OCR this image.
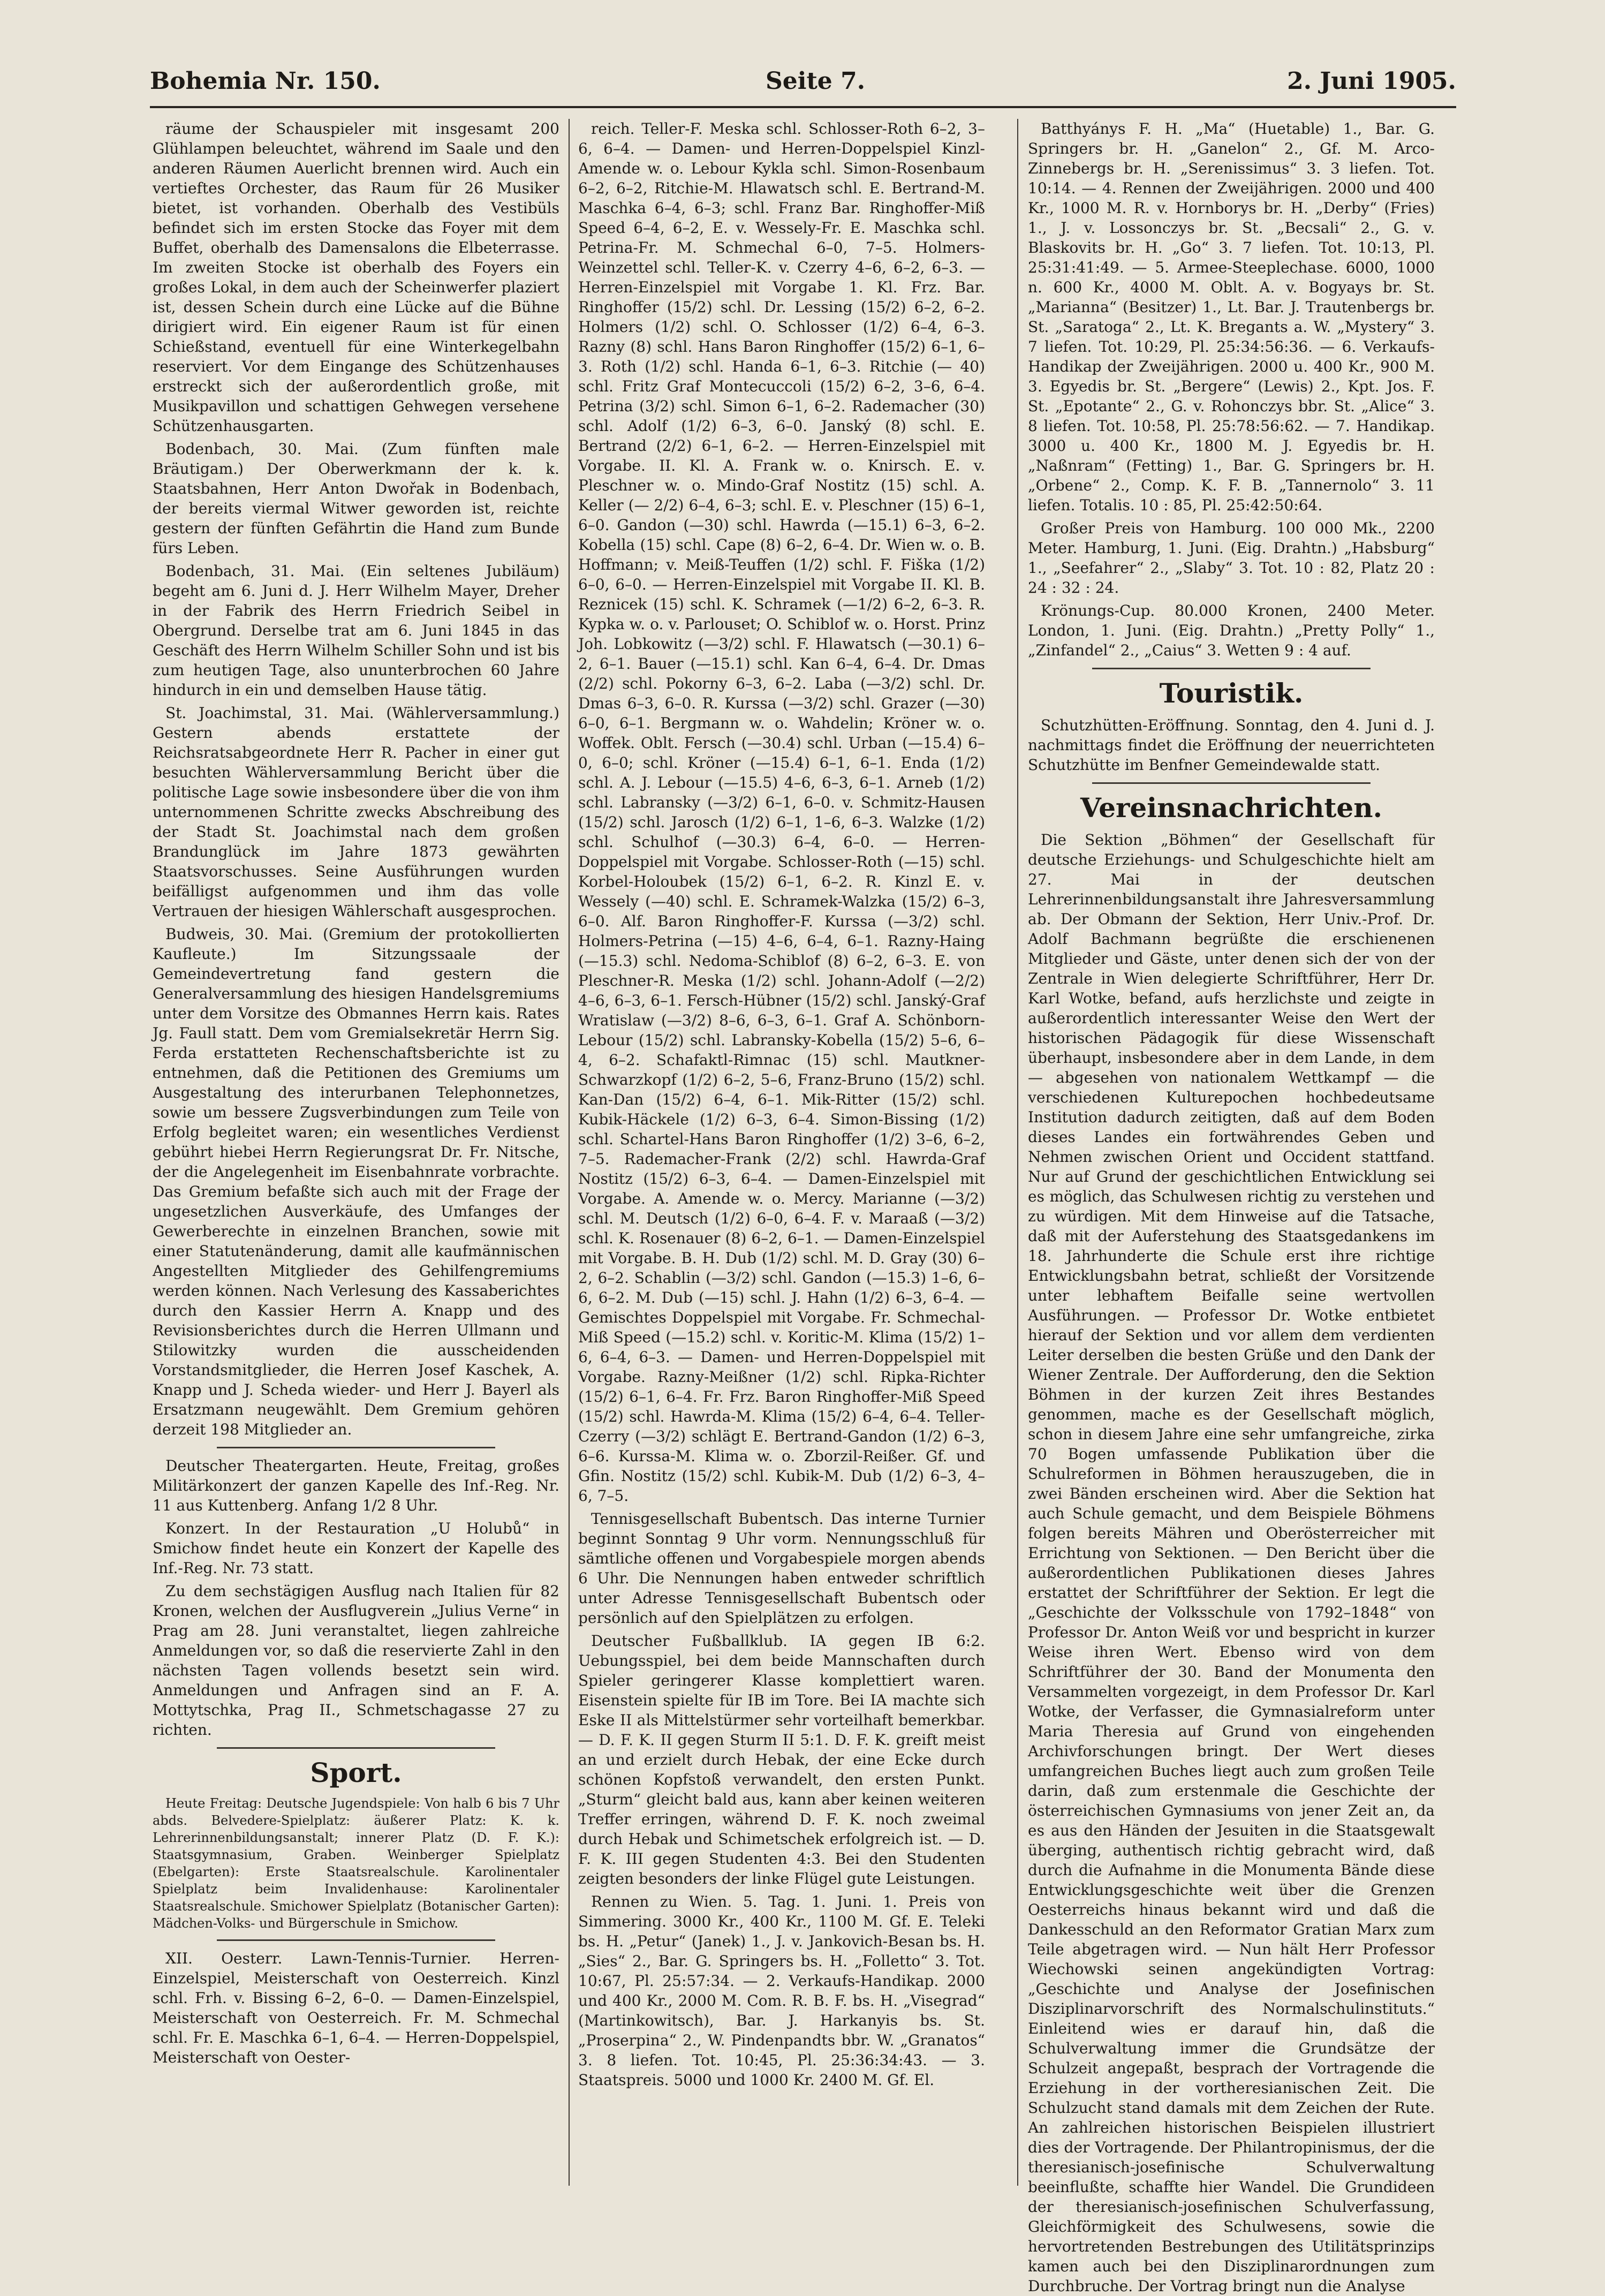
Bohemia Nr. 150.	Seite 7.	2. Juni 1905.

räume der Schauspieler mit insgesamt 200 Glühlampen beleuchtet, während im Saale und den anderen Räumen Auerlicht brennen wird. Auch ein vertieftes Orchester, das Raum für 26 Musiker bietet, ist vorhanden. Oberhalb des Vestibüls befindet sich im ersten Stocke das Foyer mit dem Buffet, oberhalb des Damensalons die Elbeterrasse. Im zweiten Stocke ist oberhalb des Foyers ein großes Lokal, in dem auch der Scheinwerfer plaziert ist, dessen Schein durch eine Lücke auf die Bühne dirigiert wird. Ein eigener Raum ist für einen Schießstand, eventuell für eine Winterkegelbahn reserviert. Vor dem Eingange des Schützenhauses erstreckt sich der außerordentlich große, mit Musikpavillon und schattigen Gehwegen versehene Schützenhausgarten.

Bodenbach, 30. Mai. (Zum fünften male Bräutigam.) Der Oberwerkmann der k. k. Staatsbahnen, Herr Anton Dwořak in Bodenbach, der bereits viermal Witwer geworden ist, reichte gestern der fünften Gefährtin die Hand zum Bunde fürs Leben.

Bodenbach, 31. Mai. (Ein seltenes Jubiläum) begeht am 6. Juni d. J. Herr Wilhelm Mayer, Dreher in der Fabrik des Herrn Friedrich Seibel in Obergrund. Derselbe trat am 6. Juni 1845 in das Geschäft des Herrn Wilhelm Schiller Sohn und ist bis zum heutigen Tage, also ununterbrochen 60 Jahre hindurch in ein und demselben Hause tätig.

St. Joachimstal, 31. Mai. (Wählerversammlung.) Gestern abends erstattete der Reichsratsabgeordnete Herr R. Pacher in einer gut besuchten Wählerversammlung Bericht über die politische Lage sowie insbesondere über die von ihm unternommenen Schritte zwecks Abschreibung des der Stadt St. Joachimstal nach dem großen Brandunglück im Jahre 1873 gewährten Staatsvorschusses. Seine Ausführungen wurden beifälligst aufgenommen und ihm das volle Vertrauen der hiesigen Wählerschaft ausgesprochen.

Budweis, 30. Mai. (Gremium der protokollierten Kaufleute.) Im Sitzungssaale der Gemeindevertretung fand gestern die Generalversammlung des hiesigen Handelsgremiums unter dem Vorsitze des Obmannes Herrn kais. Rates Jg. Faull statt. Dem vom Gremialsekretär Herrn Sig. Ferda erstatteten Rechenschaftsberichte ist zu entnehmen, daß die Petitionen des Gremiums um Ausgestaltung des interurbanen Telephonnetzes, sowie um bessere Zugsverbindungen zum Teile von Erfolg begleitet waren; ein wesentliches Verdienst gebührt hiebei Herrn Regierungsrat Dr. Fr. Nitsche, der die Angelegenheit im Eisenbahnrate vorbrachte. Das Gremium befaßte sich auch mit der Frage der ungesetzlichen Ausverkäufe, des Umfanges der Gewerberechte in einzelnen Branchen, sowie mit einer Statutenänderung, damit alle kaufmännischen Angestellten Mitglieder des Gehilfengremiums werden können. Nach Verlesung des Kassaberichtes durch den Kassier Herrn A. Knapp und des Revisionsberichtes durch die Herren Ullmann und Stilowitzky wurden die ausscheidenden Vorstandsmitglieder, die Herren Josef Kaschek, A. Knapp und J. Scheda wieder- und Herr J. Bayerl als Ersatzmann neugewählt. Dem Gremium gehören derzeit 198 Mitglieder an.

Deutscher Theatergarten. Heute, Freitag, großes Militärkonzert der ganzen Kapelle des Inf.-Reg. Nr. 11 aus Kuttenberg. Anfang 1/2 8 Uhr.

Konzert. In der Restauration „U Holubů“ in Smichow findet heute ein Konzert der Kapelle des Inf.-Reg. Nr. 73 statt.

Zu dem sechstägigen Ausflug nach Italien für 82 Kronen, welchen der Ausflugverein „Julius Verne“ in Prag am 28. Juni veranstaltet, liegen zahlreiche Anmeldungen vor, so daß die reservierte Zahl in den nächsten Tagen vollends besetzt sein wird. Anmeldungen und Anfragen sind an F. A. Mottytschka, Prag II., Schmetschagasse 27 zu richten.

Sport.

Heute Freitag: Deutsche Jugendspiele: Von halb 6 bis 7 Uhr abds. Belvedere-Spielplatz: äußerer Platz: K. k. Lehrerinnenbildungsanstalt; innerer Platz (D. F. K.): Staatsgymnasium, Graben. Weinberger Spielplatz (Ebelgarten): Erste Staatsrealschule. Karolinentaler Spielplatz beim Invalidenhause: Karolinentaler Staatsrealschule. Smichower Spielplatz (Botanischer Garten): Mädchen-Volks- und Bürgerschule in Smichow.

XII. Oesterr. Lawn-Tennis-Turnier. Herren-Einzelspiel, Meisterschaft von Oesterreich. Kinzl schl. Frh. v. Bissing 6–2, 6–0. — Damen-Einzelspiel, Meisterschaft von Oesterreich. Fr. M. Schmechal schl. Fr. E. Maschka 6–1, 6–4. — Herren-Doppelspiel, Meisterschaft von Oester-

reich. Teller-F. Meska schl. Schlosser-Roth 6–2, 3–6, 6–4. — Damen- und Herren-Doppelspiel Kinzl-Amende w. o. Lebour Kykla schl. Simon-Rosenbaum 6–2, 6–2, Ritchie-M. Hlawatsch schl. E. Bertrand-M. Maschka 6–4, 6–3; schl. Franz Bar. Ringhoffer-Miß Speed 6–4, 6–2, E. v. Wessely-Fr. E. Maschka schl. Petrina-Fr. M. Schmechal 6–0, 7–5. Holmers-Weinzettel schl. Teller-K. v. Czerry 4–6, 6–2, 6–3. — Herren-Einzelspiel mit Vorgabe 1. Kl. Frz. Bar. Ringhoffer (15/2) schl. Dr. Lessing (15/2) 6–2, 6–2. Holmers (1/2) schl. O. Schlosser (1/2) 6–4, 6–3. Razny (8) schl. Hans Baron Ringhoffer (15/2) 6–1, 6–3. Roth (1/2) schl. Handa 6–1, 6–3. Ritchie (— 40) schl. Fritz Graf Montecuccoli (15/2) 6–2, 3–6, 6–4. Petrina (3/2) schl. Simon 6–1, 6–2. Rademacher (30) schl. Adolf (1/2) 6–3, 6–0. Janský (8) schl. E. Bertrand (2/2) 6–1, 6–2. — Herren-Einzelspiel mit Vorgabe. II. Kl. A. Frank w. o. Knirsch. E. v. Pleschner w. o. Mindo-Graf Nostitz (15) schl. A. Keller (— 2/2) 6–4, 6–3; schl. E. v. Pleschner (15) 6–1, 6–0. Gandon (—30) schl. Hawrda (—15.1) 6–3, 6–2. Kobella (15) schl. Cape (8) 6–2, 6–4. Dr. Wien w. o. B. Hoffmann; v. Meiß-Teuffen (1/2) schl. F. Fiška (1/2) 6–0, 6–0. — Herren-Einzelspiel mit Vorgabe II. Kl. B. Reznicek (15) schl. K. Schramek (—1/2) 6–2, 6–3. R. Kypka w. o. v. Parlouset; O. Schiblof w. o. Horst. Prinz Joh. Lobkowitz (—3/2) schl. F. Hlawatsch (—30.1) 6–2, 6–1. Bauer (—15.1) schl. Kan 6–4, 6–4. Dr. Dmas (2/2) schl. Pokorny 6–3, 6–2. Laba (—3/2) schl. Dr. Dmas 6–3, 6–0. R. Kurssa (—3/2) schl. Grazer (—30) 6–0, 6–1. Bergmann w. o. Wahdelin; Kröner w. o. Woffek. Oblt. Fersch (—30.4) schl. Urban (—15.4) 6–0, 6–0; schl. Kröner (—15.4) 6–1, 6–1. Enda (1/2) schl. A. J. Lebour (—15.5) 4–6, 6–3, 6–1. Arneb (1/2) schl. Labransky (—3/2) 6–1, 6–0. v. Schmitz-Hausen (15/2) schl. Jarosch (1/2) 6–1, 1–6, 6–3. Walzke (1/2) schl. Schulhof (—30.3) 6–4, 6–0. — Herren-Doppelspiel mit Vorgabe. Schlosser-Roth (—15) schl. Korbel-Holoubek (15/2) 6–1, 6–2. R. Kinzl E. v. Wessely (—40) schl. E. Schramek-Walzka (15/2) 6–3, 6–0. Alf. Baron Ringhoffer-F. Kurssa (—3/2) schl. Holmers-Petrina (—15) 4–6, 6–4, 6–1. Razny-Haing (—15.3) schl. Nedoma-Schiblof (8) 6–2, 6–3. E. von Pleschner-R. Meska (1/2) schl. Johann-Adolf (—2/2) 4–6, 6–3, 6–1. Fersch-Hübner (15/2) schl. Janský-Graf Wratislaw (—3/2) 8–6, 6–3, 6–1. Graf A. Schönborn-Lebour (15/2) schl. Labransky-Kobella (15/2) 5–6, 6–4, 6–2. Schafaktl-Rimnac (15) schl. Mautkner-Schwarzkopf (1/2) 6–2, 5–6, Franz-Bruno (15/2) schl. Kan-Dan (15/2) 6–4, 6–1. Mik-Ritter (15/2) schl. Kubik-Häckele (1/2) 6–3, 6–4. Simon-Bissing (1/2) schl. Schartel-Hans Baron Ringhoffer (1/2) 3–6, 6–2, 7–5. Rademacher-Frank (2/2) schl. Hawrda-Graf Nostitz (15/2) 6–3, 6–4. — Damen-Einzelspiel mit Vorgabe. A. Amende w. o. Mercy. Marianne (—3/2) schl. M. Deutsch (1/2) 6–0, 6–4. F. v. Maraaß (—3/2) schl. K. Rosenauer (8) 6–2, 6–1. — Damen-Einzelspiel mit Vorgabe. B. H. Dub (1/2) schl. M. D. Gray (30) 6–2, 6–2. Schablin (—3/2) schl. Gandon (—15.3) 1–6, 6–6, 6–2. M. Dub (—15) schl. J. Hahn (1/2) 6–3, 6–4. — Gemischtes Doppelspiel mit Vorgabe. Fr. Schmechal-Miß Speed (—15.2) schl. v. Koritic-M. Klima (15/2) 1–6, 6–4, 6–3. — Damen- und Herren-Doppelspiel mit Vorgabe. Razny-Meißner (1/2) schl. Ripka-Richter (15/2) 6–1, 6–4. Fr. Frz. Baron Ringhoffer-Miß Speed (15/2) schl. Hawrda-M. Klima (15/2) 6–4, 6–4. Teller-Czerry (—3/2) schlägt E. Bertrand-Gandon (1/2) 6–3, 6–6. Kurssa-M. Klima w. o. Zborzil-Reißer. Gf. und Gfin. Nostitz (15/2) schl. Kubik-M. Dub (1/2) 6–3, 4–6, 7–5.

Tennisgesellschaft Bubentsch. Das interne Turnier beginnt Sonntag 9 Uhr vorm. Nennungsschluß für sämtliche offenen und Vorgabespiele morgen abends 6 Uhr. Die Nennungen haben entweder schriftlich unter Adresse Tennisgesellschaft Bubentsch oder persönlich auf den Spielplätzen zu erfolgen.

Deutscher Fußballklub. IA gegen IB 6:2. Uebungsspiel, bei dem beide Mannschaften durch Spieler geringerer Klasse komplettiert waren. Eisenstein spielte für IB im Tore. Bei IA machte sich Eske II als Mittelstürmer sehr vorteilhaft bemerkbar. — D. F. K. II gegen Sturm II 5:1. D. F. K. greift meist an und erzielt durch Hebak, der eine Ecke durch schönen Kopfstoß verwandelt, den ersten Punkt. „Sturm“ gleicht bald aus, kann aber keinen weiteren Treffer erringen, während D. F. K. noch zweimal durch Hebak und Schimetschek erfolgreich ist. — D. F. K. III gegen Studenten 4:3. Bei den Studenten zeigten besonders der linke Flügel gute Leistungen.

Rennen zu Wien. 5. Tag. 1. Juni. 1. Preis von Simmering. 3000 Kr., 400 Kr., 1100 M. Gf. E. Teleki bs. H. „Petur“ (Janek) 1., J. v. Jankovich-Besan bs. H. „Sies“ 2., Bar. G. Springers bs. H. „Folletto“ 3. Tot. 10:67, Pl. 25:57:34. — 2. Verkaufs-Handikap. 2000 und 400 Kr., 2000 M. Com. R. B. F. bs. H. „Visegrad“ (Martinkowitsch), Bar. J. Harkanyis bs. St. „Proserpina“ 2., W. Pindenpandts bbr. W. „Granatos“ 3. 8 liefen. Tot. 10:45, Pl. 25:36:34:43. — 3. Staatspreis. 5000 und 1000 Kr. 2400 M. Gf. El.

Batthyánys F. H. „Ma“ (Huetable) 1., Bar. G. Springers br. H. „Ganelon“ 2., Gf. M. Arco-Zinnebergs br. H. „Serenissimus“ 3. 3 liefen. Tot. 10:14. — 4. Rennen der Zweijährigen. 2000 und 400 Kr., 1000 M. R. v. Hornborys br. H. „Derby“ (Fries) 1., J. v. Lossonczys br. St. „Becsali“ 2., G. v. Blaskovits br. H. „Go“ 3. 7 liefen. Tot. 10:13, Pl. 25:31:41:49. — 5. Armee-Steeplechase. 6000, 1000 n. 600 Kr., 4000 M. Oblt. A. v. Bogyays br. St. „Marianna“ (Besitzer) 1., Lt. Bar. J. Trautenbergs br. St. „Saratoga“ 2., Lt. K. Bregants a. W. „Mystery“ 3. 7 liefen. Tot. 10:29, Pl. 25:34:56:36. — 6. Verkaufs-Handikap der Zweijährigen. 2000 u. 400 Kr., 900 M. 3. Egyedis br. St. „Bergere“ (Lewis) 2., Kpt. Jos. F. St. „Epotante“ 2., G. v. Rohonczys bbr. St. „Alice“ 3. 8 liefen. Tot. 10:58, Pl. 25:78:56:62. — 7. Handikap. 3000 u. 400 Kr., 1800 M. J. Egyedis br. H. „Naßnram“ (Fetting) 1., Bar. G. Springers br. H. „Orbene“ 2., Comp. K. F. B. „Tannernolo“ 3. 11 liefen. Totalis. 10 : 85, Pl. 25:42:50:64.

Großer Preis von Hamburg. 100 000 Mk., 2200 Meter. Hamburg, 1. Juni. (Eig. Drahtn.) „Habsburg“ 1., „Seefahrer“ 2., „Slaby“ 3. Tot. 10 : 82, Platz 20 : 24 : 32 : 24.

Krönungs-Cup. 80.000 Kronen, 2400 Meter. London, 1. Juni. (Eig. Drahtn.) „Pretty Polly“ 1., „Zinfandel“ 2., „Caius“ 3. Wetten 9 : 4 auf.

Touristik.

Schutzhütten-Eröffnung. Sonntag, den 4. Juni d. J. nachmittags findet die Eröffnung der neuerrichteten Schutzhütte im Benfner Gemeindewalde statt.

Vereinsnachrichten.

Die Sektion „Böhmen“ der Gesellschaft für deutsche Erziehungs- und Schulgeschichte hielt am 27. Mai in der deutschen Lehrerinnenbildungsanstalt ihre Jahresversammlung ab. Der Obmann der Sektion, Herr Univ.-Prof. Dr. Adolf Bachmann begrüßte die erschienenen Mitglieder und Gäste, unter denen sich der von der Zentrale in Wien delegierte Schriftführer, Herr Dr. Karl Wotke, befand, aufs herzlichste und zeigte in außerordentlich interessanter Weise den Wert der historischen Pädagogik für diese Wissenschaft überhaupt, insbesondere aber in dem Lande, in dem — abgesehen von nationalem Wettkampf — die verschiedenen Kulturepochen hochbedeutsame Institution dadurch zeitigten, daß auf dem Boden dieses Landes ein fortwährendes Geben und Nehmen zwischen Orient und Occident stattfand. Nur auf Grund der geschichtlichen Entwicklung sei es möglich, das Schulwesen richtig zu verstehen und zu würdigen. Mit dem Hinweise auf die Tatsache, daß mit der Auferstehung des Staatsgedankens im 18. Jahrhunderte die Schule erst ihre richtige Entwicklungsbahn betrat, schließt der Vorsitzende unter lebhaftem Beifalle seine wertvollen Ausführungen. — Professor Dr. Wotke entbietet hierauf der Sektion und vor allem dem verdienten Leiter derselben die besten Grüße und den Dank der Wiener Zentrale. Der Aufforderung, den die Sektion Böhmen in der kurzen Zeit ihres Bestandes genommen, mache es der Gesellschaft möglich, schon in diesem Jahre eine sehr umfangreiche, zirka 70 Bogen umfassende Publikation über die Schulreformen in Böhmen herauszugeben, die in zwei Bänden erscheinen wird. Aber die Sektion hat auch Schule gemacht, und dem Beispiele Böhmens folgen bereits Mähren und Oberösterreicher mit Errichtung von Sektionen. — Den Bericht über die außerordentlichen Publikationen dieses Jahres erstattet der Schriftführer der Sektion. Er legt die „Geschichte der Volksschule von 1792–1848“ von Professor Dr. Anton Weiß vor und bespricht in kurzer Weise ihren Wert. Ebenso wird von dem Schriftführer der 30. Band der Monumenta den Versammelten vorgezeigt, in dem Professor Dr. Karl Wotke, der Verfasser, die Gymnasialreform unter Maria Theresia auf Grund von eingehenden Archivforschungen bringt. Der Wert dieses umfangreichen Buches liegt auch zum großen Teile darin, daß zum erstenmale die Geschichte der österreichischen Gymnasiums von jener Zeit an, da es aus den Händen der Jesuiten in die Staatsgewalt überging, authentisch richtig gebracht wird, daß durch die Aufnahme in die Monumenta Bände diese Entwicklungsgeschichte weit über die Grenzen Oesterreichs hinaus bekannt wird und daß die Dankesschuld an den Reformator Gratian Marx zum Teile abgetragen wird. — Nun hält Herr Professor Wiechowski seinen angekündigten Vortrag: „Geschichte und Analyse der Josefinischen Disziplinarvorschrift des Normalschulinstituts.“ Einleitend wies er darauf hin, daß die Schulverwaltung immer die Grundsätze der Schulzeit angepaßt, besprach der Vortragende die Erziehung in der vortheresianischen Zeit. Die Schulzucht stand damals mit dem Zeichen der Rute. An zahlreichen historischen Beispielen illustriert dies der Vortragende. Der Philantropinismus, der die theresianisch-josefinische Schulverwaltung beeinflußte, schaffte hier Wandel. Die Grundideen der theresianisch-josefinischen Schulverfassung, Gleichförmigkeit des Schulwesens, sowie die hervortretenden Bestrebungen des Utilitätsprinzips kamen auch bei den Disziplinarordnungen zum Durchbruche. Der Vortrag bringt nun die Analyse
